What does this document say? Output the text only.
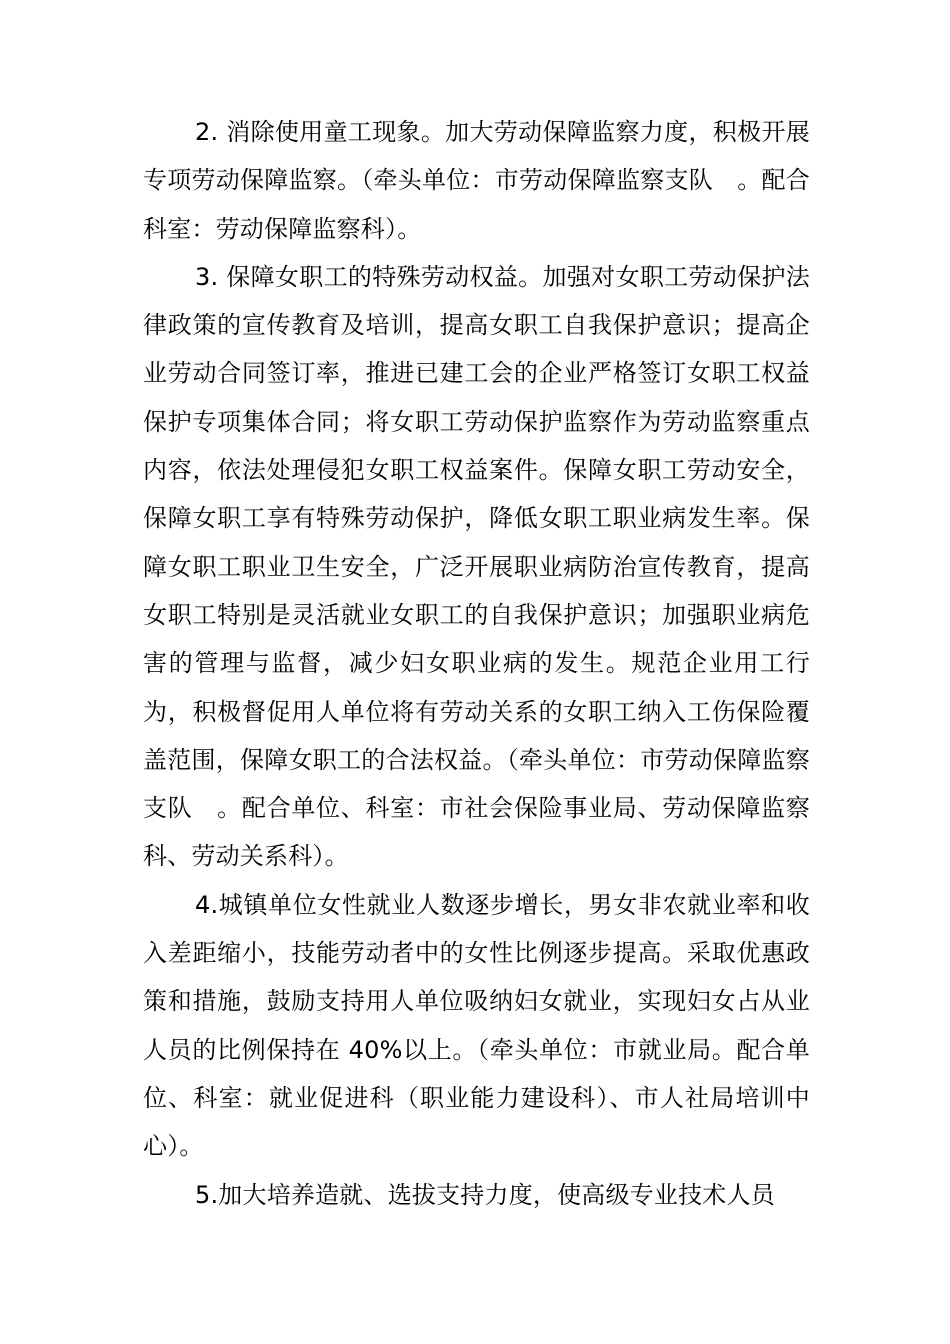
2. 消除使用童工现象。加大劳动保障监察力度，积极开展专项劳动保障监察。（牵头单位：市劳动保障监察支队　。配合科室：劳动保障监察科）。

3. 保障女职工的特殊劳动权益。加强对女职工劳动保护法律政策的宣传教育及培训，提高女职工自我保护意识；提高企业劳动合同签订率，推进已建工会的企业严格签订女职工权益保护专项集体合同；将女职工劳动保护监察作为劳动监察重点内容，依法处理侵犯女职工权益案件。保障女职工劳动安全，保障女职工享有特殊劳动保护，降低女职工职业病发生率。保障女职工职业卫生安全，广泛开展职业病防治宣传教育，提高女职工特别是灵活就业女职工的自我保护意识；加强职业病危害的管理与监督，减少妇女职业病的发生。规范企业用工行为，积极督促用人单位将有劳动关系的女职工纳入工伤保险覆盖范围，保障女职工的合法权益。（牵头单位：市劳动保障监察支队　。配合单位、科室：市社会保险事业局、劳动保障监察科、劳动关系科）。

4.城镇单位女性就业人数逐步增长，男女非农就业率和收入差距缩小，技能劳动者中的女性比例逐步提高。采取优惠政策和措施，鼓励支持用人单位吸纳妇女就业，实现妇女占从业人员的比例保持在 40%以上。（牵头单位：市就业局。配合单位、科室：就业促进科（职业能力建设科）、市人社局培训中心）。

5.加大培养造就、选拔支持力度，使高级专业技术人员
